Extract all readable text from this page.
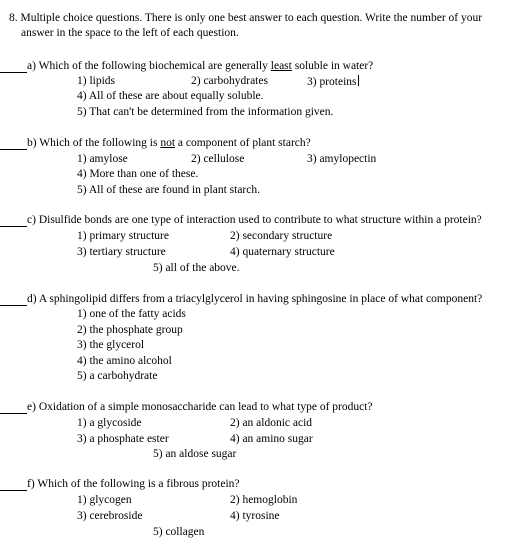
8. Multiple choice questions. There is only one best answer to each question. Write the number of your
answer in the space to the left of each question.
a) Which of the following biochemical are generally least soluble in water?
1) lipids	2) carbohydrates	3) proteins
4) All of these are about equally soluble.
5) That can't be determined from the information given.
b) Which of the following is not a component of plant starch?
1) amylose	2) cellulose	3) amylopectin
4) More than one of these.
5) All of these are found in plant starch.
c) Disulfide bonds are one type of interaction used to contribute to what structure within a protein?
1) primary structure	2) secondary structure
3) tertiary structure	4) quaternary structure
5) all of the above.
d) A sphingolipid differs from a triacylglycerol in having sphingosine in place of what component?
1) one of the fatty acids
2) the phosphate group
3) the glycerol
4) the amino alcohol
5) a carbohydrate
e) Oxidation of a simple monosaccharide can lead to what type of product?
1) a glycoside	2) an aldonic acid
3) a phosphate ester	4) an amino sugar
5) an aldose sugar
f) Which of the following is a fibrous protein?
1) glycogen	2) hemoglobin
3) cerebroside	4) tyrosine
5) collagen
